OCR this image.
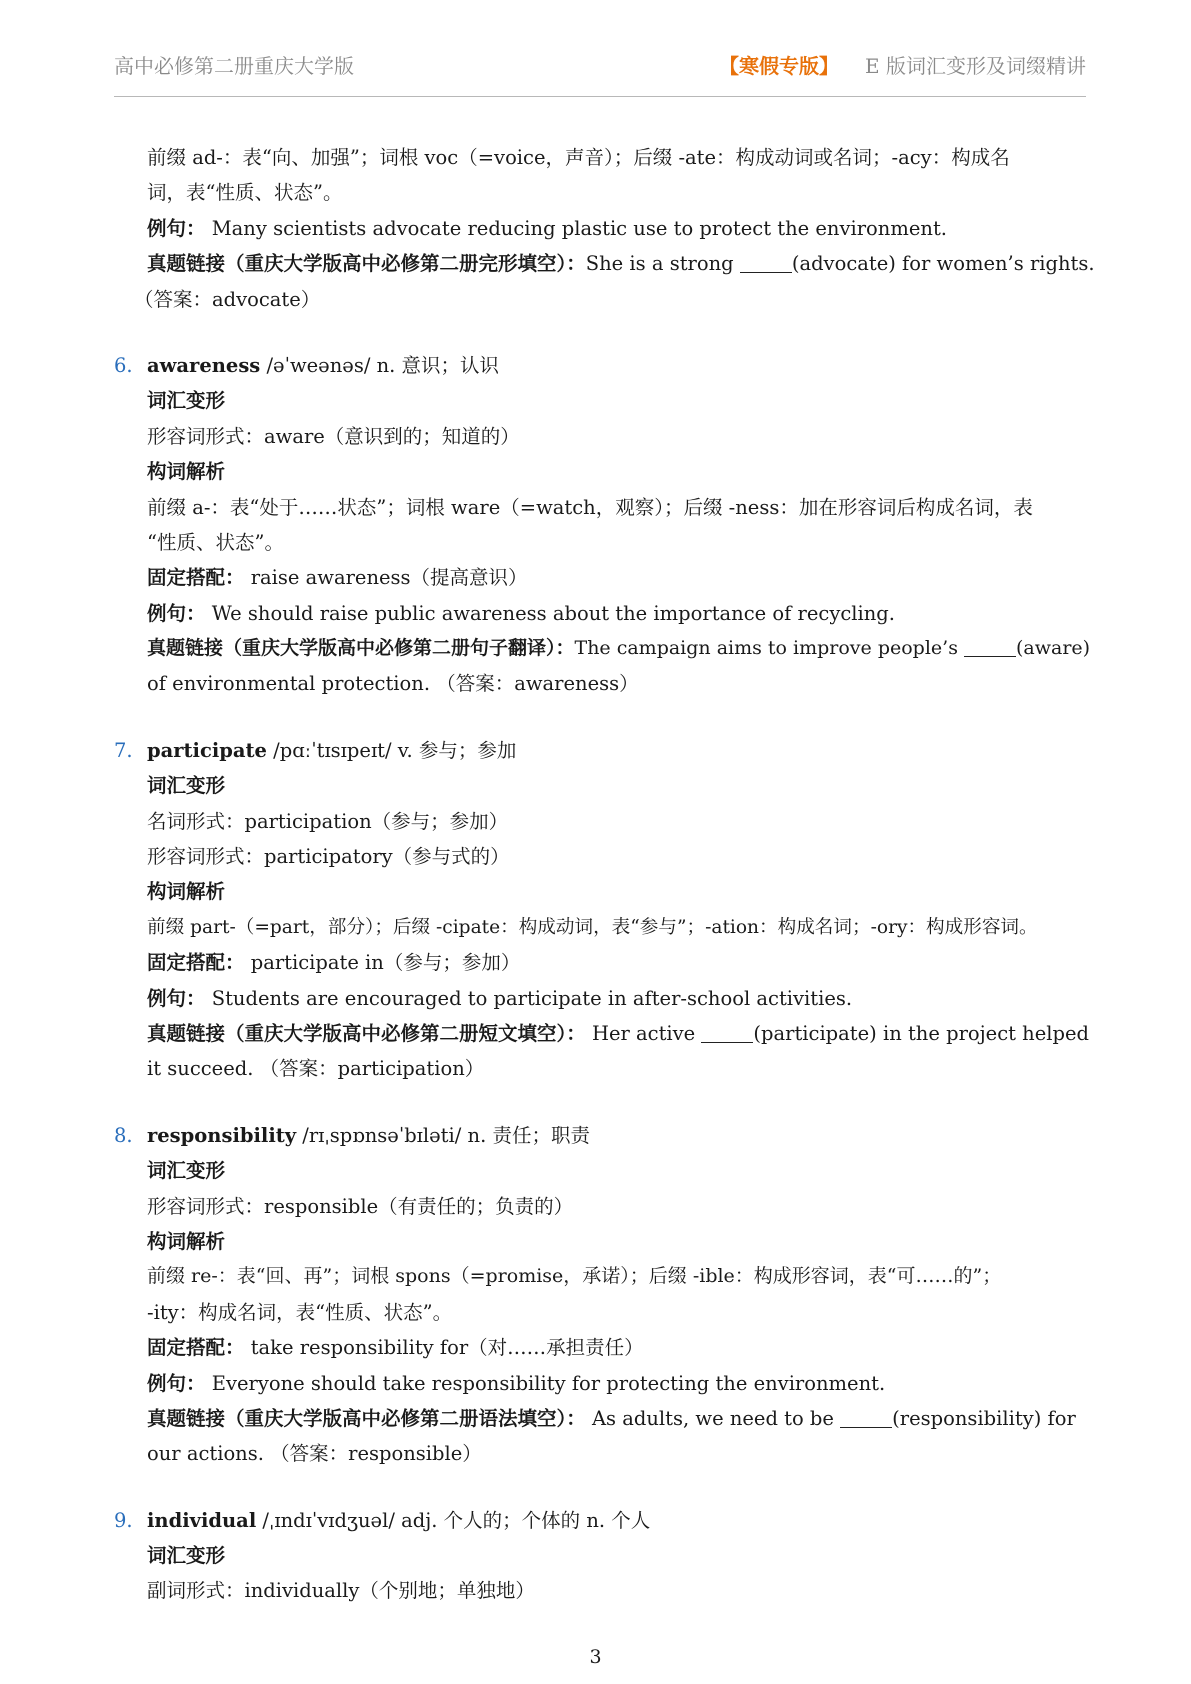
高中必修第二册重庆大学版	【寒假专版】 E 版词汇变形及词缀精讲
前缀 ad-：表“向、加强”；词根 voc（=voice，声音）；后缀 -ate：构成动词或名词；-acy：构成名
词，表“性质、状态”。
例句： Many scientists advocate reducing plastic use to protect the environment.
真题链接（重庆大学版高中必修第二册完形填空）：She is a strong	(advocate) for women’s rights.
（答案：advocate）
6. awareness /əˈweənəs/ n. 意识；认识
词汇变形
形容词形式：aware（意识到的；知道的）
构词解析
前缀 a-：表“处于……状态”；词根 ware（=watch，观察）；后缀 -ness：加在形容词后构成名词，表
“性质、状态”。
固定搭配： raise awareness（提高意识）
例句： We should raise public awareness about the importance of recycling.
真题链接（重庆大学版高中必修第二册句子翻译）：The campaign aims to improve people’s	(aware)
of environmental protection. （答案：awareness）
7. participate /pɑːˈtɪsɪpeɪt/ v. 参与；参加
词汇变形
名词形式：participation（参与；参加）
形容词形式：participatory（参与式的）
构词解析
前缀 part-（=part，部分）；后缀 -cipate：构成动词，表“参与”；-ation：构成名词；-ory：构成形容词。
固定搭配： participate in（参与；参加）
例句： Students are encouraged to participate in after-school activities.
真题链接（重庆大学版高中必修第二册短文填空）： Her active	(participate) in the project helped
it succeed. （答案：participation）
8. responsibility /rɪˌspɒnsəˈbɪləti/ n. 责任；职责
词汇变形
形容词形式：responsible（有责任的；负责的）
构词解析
前缀 re-：表“回、再”；词根 spons（=promise，承诺）；后缀 -ible：构成形容词，表“可……的”；
-ity：构成名词，表“性质、状态”。
固定搭配： take responsibility for（对……承担责任）
例句： Everyone should take responsibility for protecting the environment.
真题链接（重庆大学版高中必修第二册语法填空）： As adults, we need to be	(responsibility) for
our actions. （答案：responsible）
9. individual /ˌɪndɪˈvɪdʒuəl/ adj. 个人的；个体的 n. 个人
词汇变形
副词形式：individually（个别地；单独地）
3
